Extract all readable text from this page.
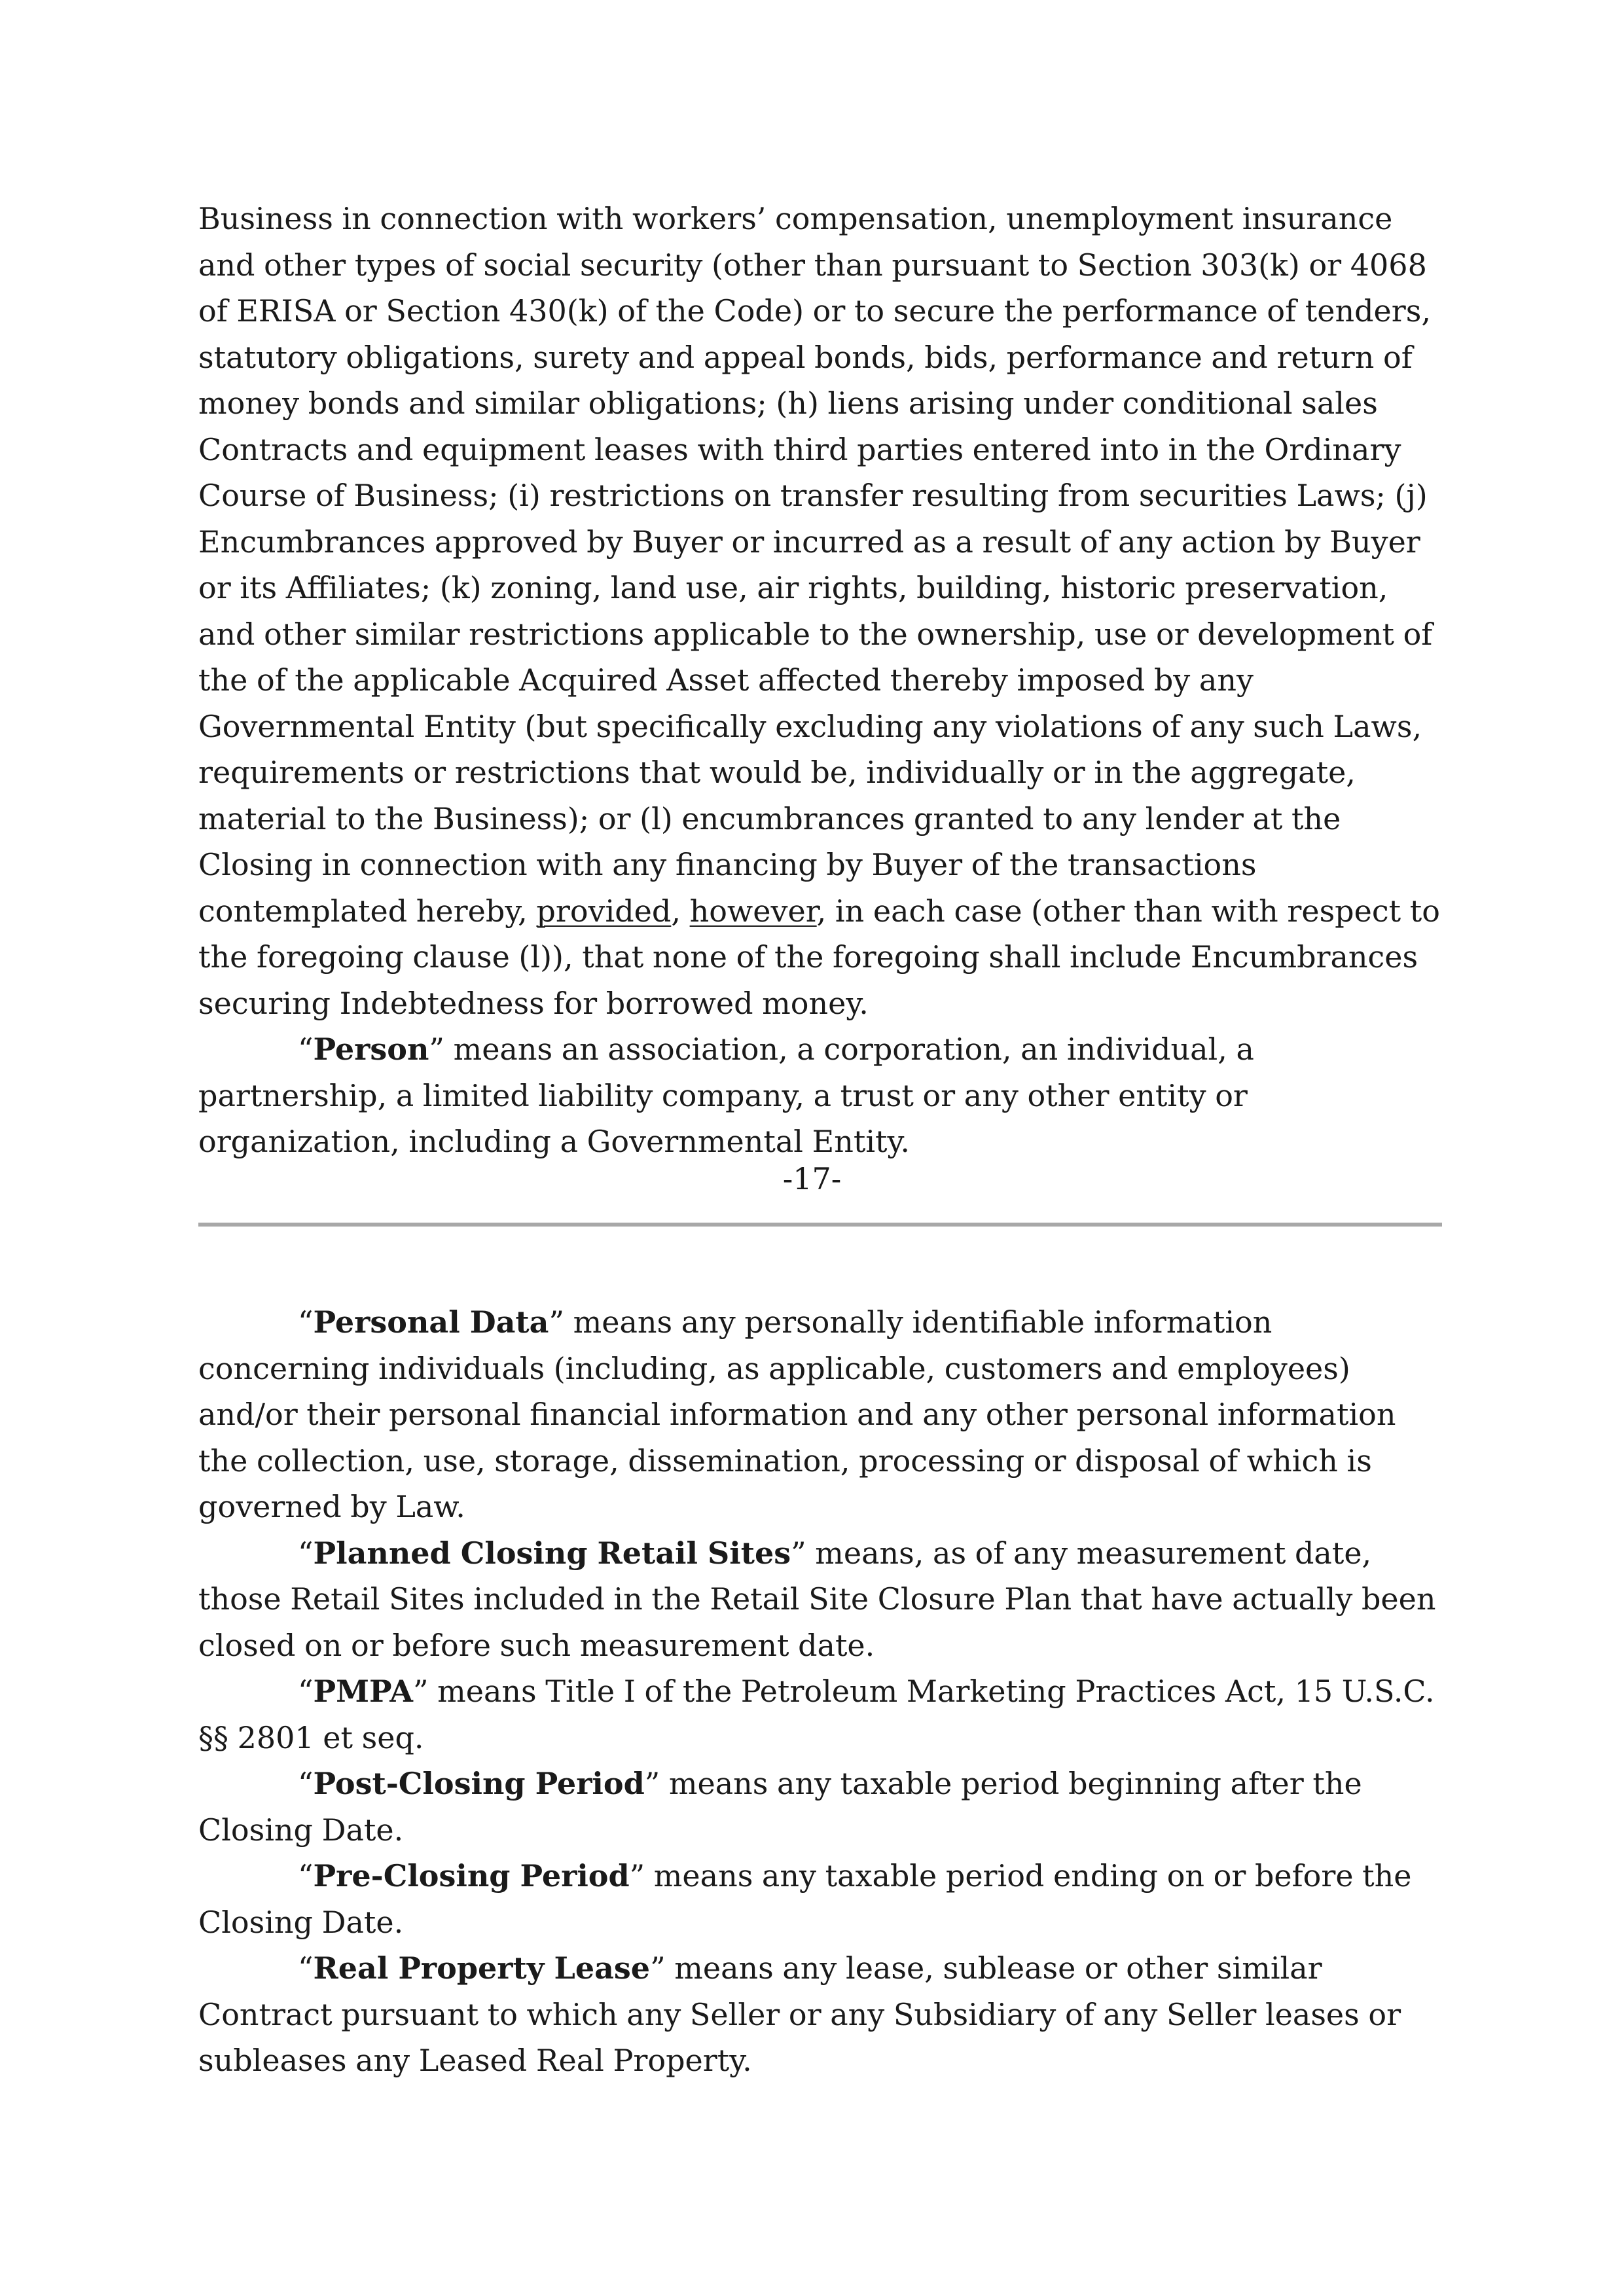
Business in connection with workers’ compensation, unemployment insurance and other types of social security (other than pursuant to Section 303(k) or 4068 of ERISA or Section 430(k) of the Code) or to secure the performance of tenders, statutory obligations, surety and appeal bonds, bids, performance and return of money bonds and similar obligations; (h) liens arising under conditional sales Contracts and equipment leases with third parties entered into in the Ordinary Course of Business; (i) restrictions on transfer resulting from securities Laws; (j) Encumbrances approved by Buyer or incurred as a result of any action by Buyer or its Affiliates; (k) zoning, land use, air rights, building, historic preservation, and other similar restrictions applicable to the ownership, use or development of the of the applicable Acquired Asset affected thereby imposed by any Governmental Entity (but specifically excluding any violations of any such Laws, requirements or restrictions that would be, individually or in the aggregate, material to the Business); or (l) encumbrances granted to any lender at the Closing in connection with any financing by Buyer of the transactions contemplated hereby, provided, however, in each case (other than with respect to the foregoing clause (l)), that none of the foregoing shall include Encumbrances securing Indebtedness for borrowed money.

“Person” means an association, a corporation, an individual, a partnership, a limited liability company, a trust or any other entity or organization, including a Governmental Entity.

-17-

“Personal Data” means any personally identifiable information concerning individuals (including, as applicable, customers and employees) and/or their personal financial information and any other personal information the collection, use, storage, dissemination, processing or disposal of which is governed by Law.

“Planned Closing Retail Sites” means, as of any measurement date, those Retail Sites included in the Retail Site Closure Plan that have actually been closed on or before such measurement date.

“PMPA” means Title I of the Petroleum Marketing Practices Act, 15 U.S.C. §§ 2801 et seq.

“Post-Closing Period” means any taxable period beginning after the Closing Date.

“Pre-Closing Period” means any taxable period ending on or before the Closing Date.

“Real Property Lease” means any lease, sublease or other similar Contract pursuant to which any Seller or any Subsidiary of any Seller leases or subleases any Leased Real Property.
